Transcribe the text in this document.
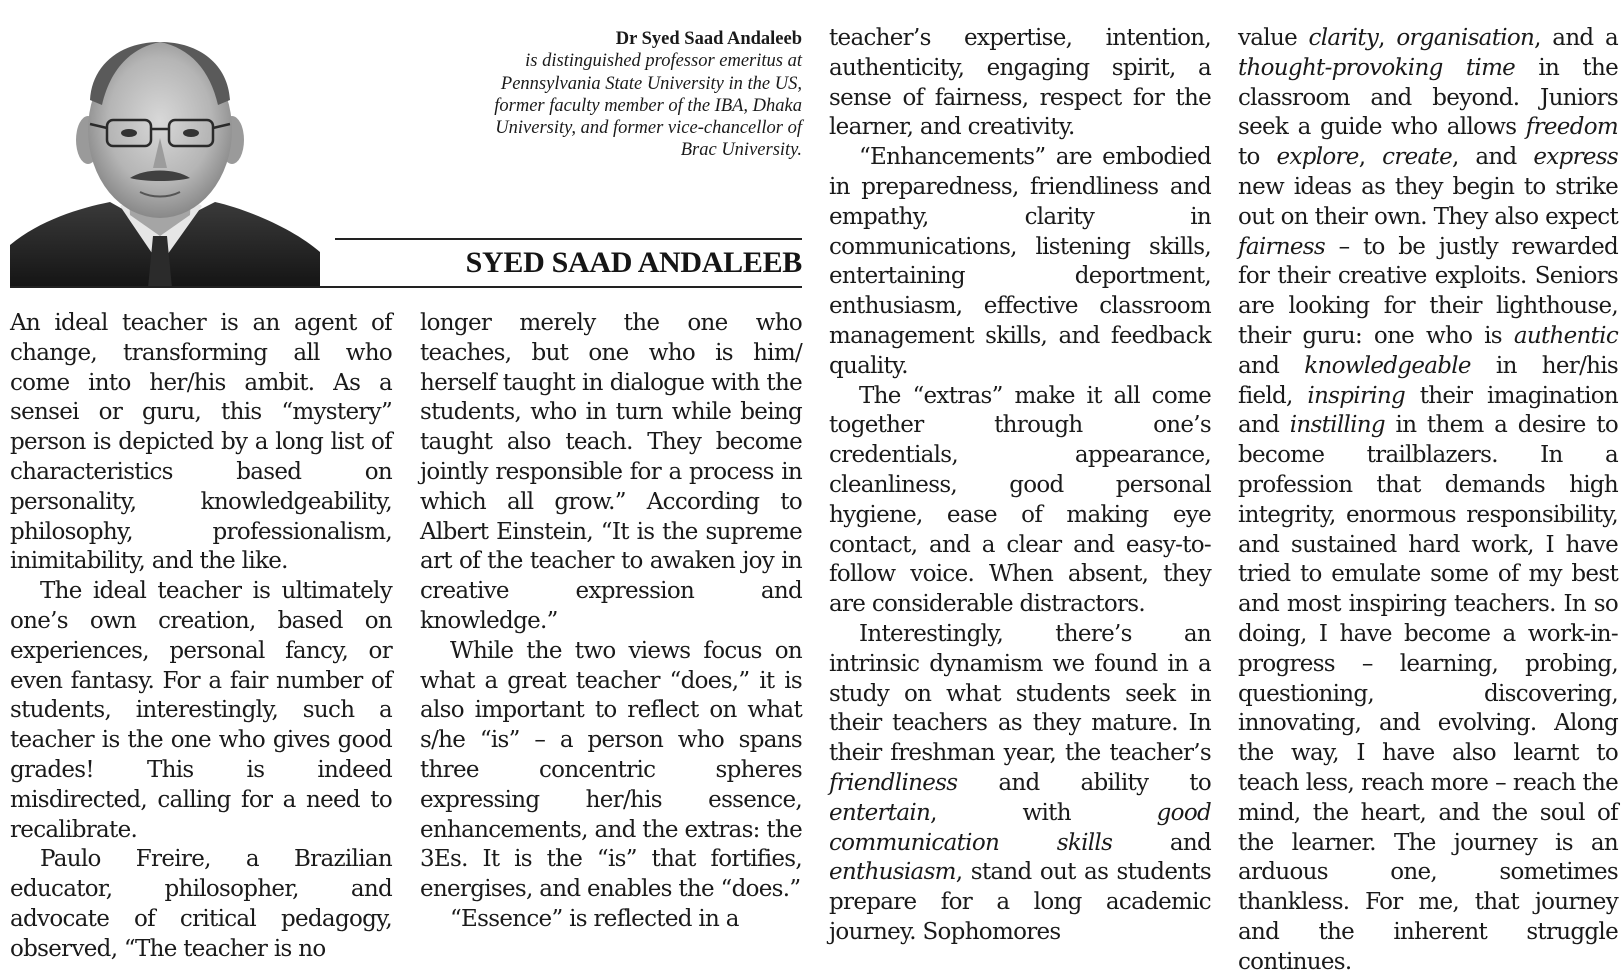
Dr Syed Saad Andaleeb
is distinguished professor emeritus at Pennsylvania State University in the US, former faculty member of the IBA, Dhaka University, and former vice-chancellor of Brac University.
SYED SAAD ANDALEEB

An ideal teacher is an agent of change, transforming all who come into her/his ambit. As a sensei or guru, this “mystery” person is depicted by a long list of characteristics based on personality, knowledgeability, philosophy, professionalism, inimitability, and the like.

The ideal teacher is ultimately one’s own creation, based on experiences, personal fancy, or even fantasy. For a fair number of students, interestingly, such a teacher is the one who gives good grades! This is indeed misdirected, calling for a need to recalibrate.

Paulo Freire, a Brazilian educator, philosopher, and advocate of critical pedagogy, observed, “The teacher is no

longer merely the one who teaches, but one who is him/ herself taught in dialogue with the students, who in turn while being taught also teach. They become jointly responsible for a process in which all grow.” According to Albert Einstein, “It is the supreme art of the teacher to awaken joy in creative expression and knowledge.”

While the two views focus on what a great teacher “does,” it is also important to reflect on what s/he “is” – a person who spans three concentric spheres expressing her/his essence, enhancements, and the extras: the 3Es. It is the “is” that fortifies, energises, and enables the “does.”

“Essence” is reflected in a

teacher’s expertise, intention, authenticity, engaging spirit, a sense of fairness, respect for the learner, and creativity.

“Enhancements” are embodied in preparedness, friendliness and empathy, clarity in communications, listening skills, entertaining deportment, enthusiasm, effective classroom management skills, and feedback quality.

The “extras” make it all come together through one’s credentials, appearance, cleanliness, good personal hygiene, ease of making eye contact, and a clear and easy-to-follow voice. When absent, they are considerable distractors.

Interestingly, there’s an intrinsic dynamism we found in a study on what students seek in their teachers as they mature. In their freshman year, the teacher’s friendliness and ability to entertain, with good communication skills and enthusiasm, stand out as students prepare for a long academic journey. Sophomores

value clarity, organisation, and a thought-provoking time in the classroom and beyond. Juniors seek a guide who allows freedom to explore, create, and express new ideas as they begin to strike out on their own. They also expect fairness – to be justly rewarded for their creative exploits. Seniors are looking for their lighthouse, their guru: one who is authentic and knowledgeable in her/his field, inspiring their imagination and instilling in them a desire to become trailblazers. In a profession that demands high integrity, enormous responsibility, and sustained hard work, I have tried to emulate some of my best and most inspiring teachers. In so doing, I have become a work-in-progress – learning, probing, questioning, discovering, innovating, and evolving. Along the way, I have also learnt to teach less, reach more – reach the mind, the heart, and the soul of the learner. The journey is an arduous one, sometimes thankless. For me, that journey and the inherent struggle continues.
